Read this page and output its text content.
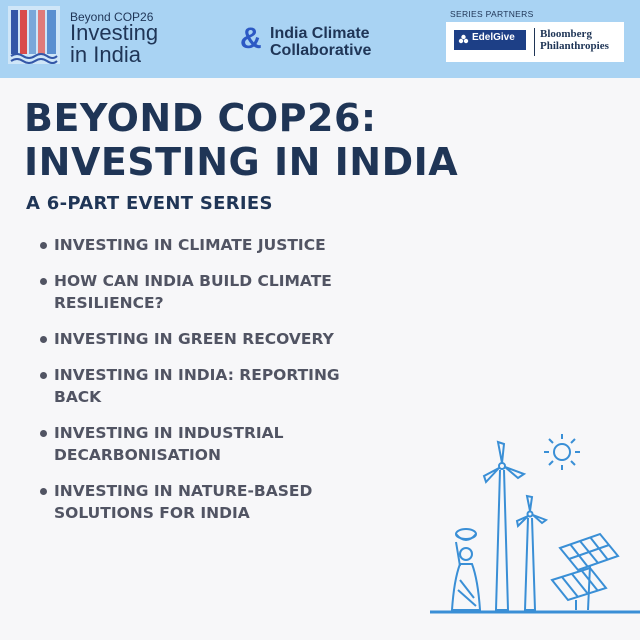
Beyond COP26
Investing
in India	& India Climate
Collaborative
SERIES PARTNERS
EdelGive	Bloomberg
Philanthropies
BEYOND COP26:
INVESTING IN INDIA
A 6-PART EVENT SERIES
INVESTING IN CLIMATE JUSTICE
HOW CAN INDIA BUILD CLIMATE RESILIENCE?
INVESTING IN GREEN RECOVERY
INVESTING IN INDIA: REPORTING BACK
INVESTING IN INDUSTRIAL DECARBONISATION
INVESTING IN NATURE-BASED SOLUTIONS FOR INDIA
